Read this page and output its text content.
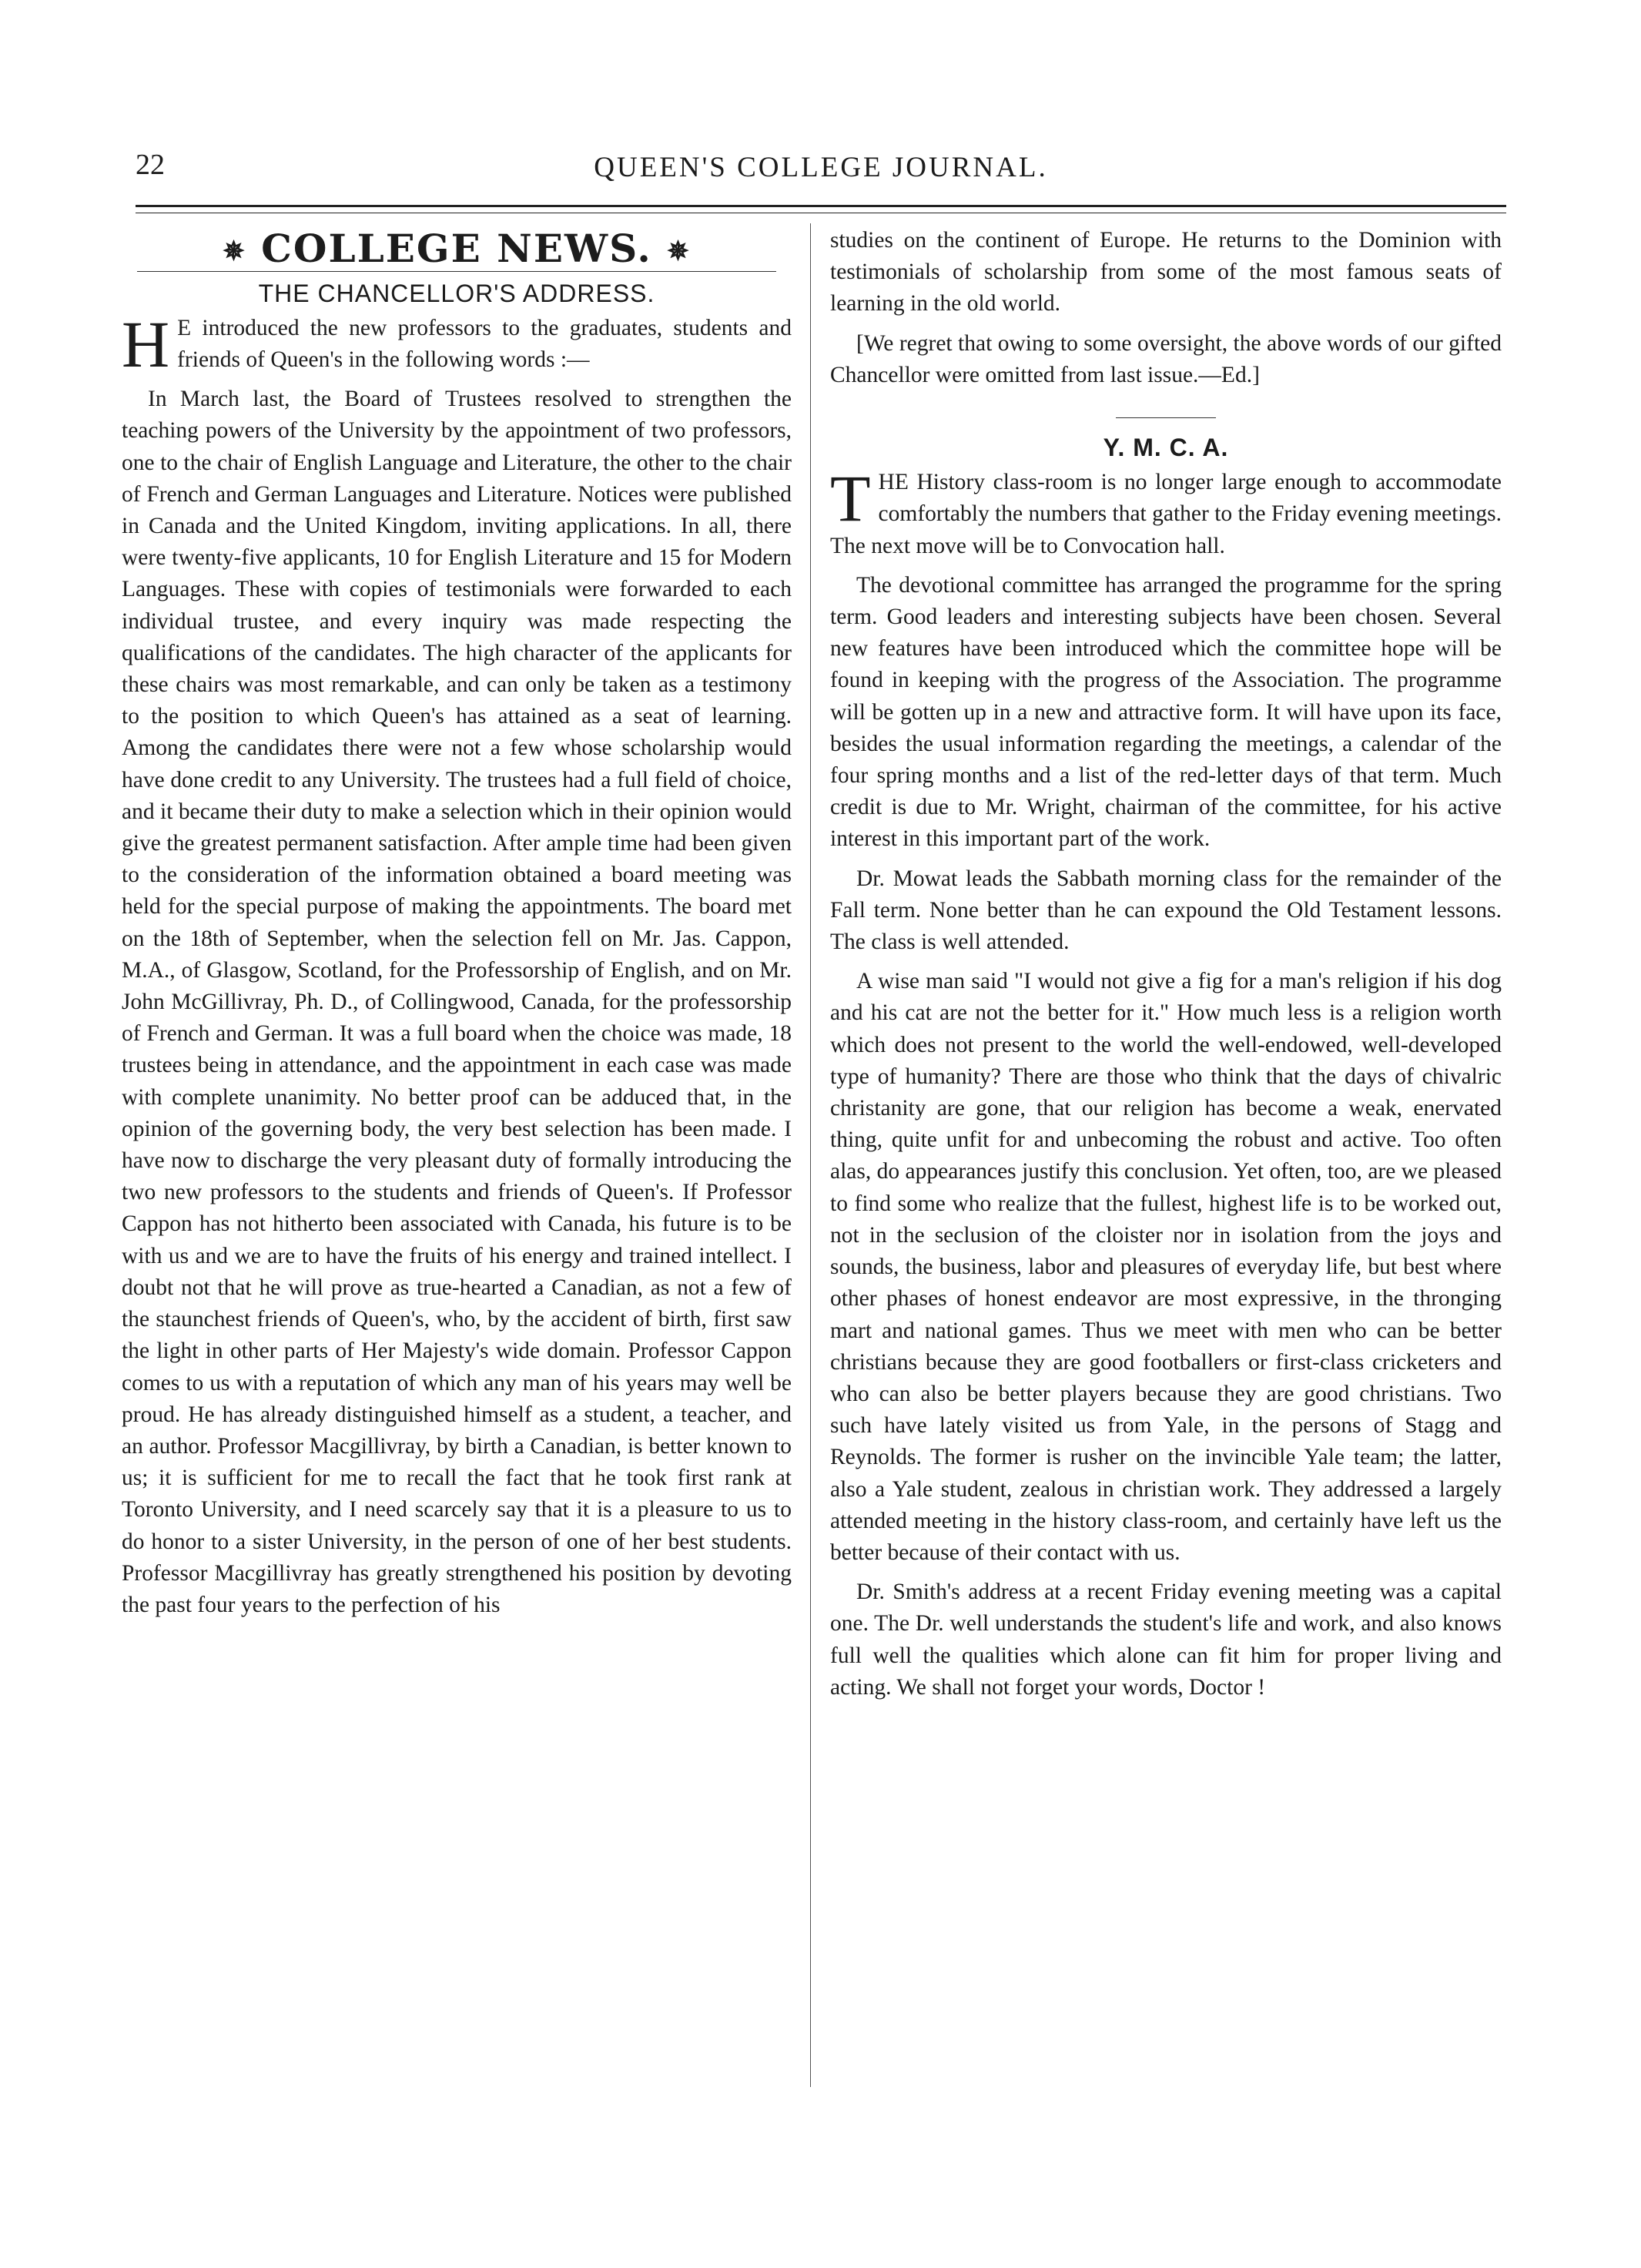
22	QUEEN'S COLLEGE JOURNAL.
✵ COLLEGE NEWS. ✵
THE CHANCELLOR'S ADDRESS.

H E introduced the new professors to the graduates, students and friends of Queen's in the following words :—

In March last, the Board of Trustees resolved to strengthen the teaching powers of the University by the appointment of two professors, one to the chair of English Language and Literature, the other to the chair of French and German Languages and Literature. Notices were published in Canada and the United Kingdom, inviting applications. In all, there were twenty-five applicants, 10 for English Literature and 15 for Modern Languages. These with copies of testimonials were forwarded to each individual trustee, and every inquiry was made respecting the qualifications of the candidates. The high character of the applicants for these chairs was most remarkable, and can only be taken as a testimony to the position to which Queen's has attained as a seat of learning. Among the candidates there were not a few whose scholarship would have done credit to any University. The trustees had a full field of choice, and it became their duty to make a selection which in their opinion would give the greatest permanent satisfaction. After ample time had been given to the consideration of the information obtained a board meeting was held for the special purpose of making the appointments. The board met on the 18th of September, when the selection fell on Mr. Jas. Cappon, M.A., of Glasgow, Scotland, for the Professorship of English, and on Mr. John McGillivray, Ph. D., of Collingwood, Canada, for the professorship of French and German. It was a full board when the choice was made, 18 trustees being in attendance, and the appointment in each case was made with complete unanimity. No better proof can be adduced that, in the opinion of the governing body, the very best selection has been made. I have now to discharge the very pleasant duty of formally introducing the two new professors to the students and friends of Queen's. If Professor Cappon has not hitherto been associated with Canada, his future is to be with us and we are to have the fruits of his energy and trained intellect. I doubt not that he will prove as true-hearted a Canadian, as not a few of the staunchest friends of Queen's, who, by the accident of birth, first saw the light in other parts of Her Majesty's wide domain. Professor Cappon comes to us with a reputation of which any man of his years may well be proud. He has already distinguished himself as a student, a teacher, and an author. Professor Macgillivray, by birth a Canadian, is better known to us; it is sufficient for me to recall the fact that he took first rank at Toronto University, and I need scarcely say that it is a pleasure to us to do honor to a sister University, in the person of one of her best students. Professor Macgillivray has greatly strengthened his position by devoting the past four years to the perfection of his

studies on the continent of Europe. He returns to the Dominion with testimonials of scholarship from some of the most famous seats of learning in the old world.

[We regret that owing to some oversight, the above words of our gifted Chancellor were omitted from last issue.—Ed.]

Y. M. C. A.

THE History class-room is no longer large enough to accommodate comfortably the numbers that gather to the Friday evening meetings. The next move will be to Convocation hall.

The devotional committee has arranged the programme for the spring term. Good leaders and interesting subjects have been chosen. Several new features have been introduced which the committee hope will be found in keeping with the progress of the Association. The programme will be gotten up in a new and attractive form. It will have upon its face, besides the usual information regarding the meetings, a calendar of the four spring months and a list of the red-letter days of that term. Much credit is due to Mr. Wright, chairman of the committee, for his active interest in this important part of the work.

Dr. Mowat leads the Sabbath morning class for the remainder of the Fall term. None better than he can expound the Old Testament lessons. The class is well attended.

A wise man said "I would not give a fig for a man's religion if his dog and his cat are not the better for it." How much less is a religion worth which does not present to the world the well-endowed, well-developed type of humanity? There are those who think that the days of chivalric christanity are gone, that our religion has become a weak, enervated thing, quite unfit for and unbecoming the robust and active. Too often alas, do appearances justify this conclusion. Yet often, too, are we pleased to find some who realize that the fullest, highest life is to be worked out, not in the seclusion of the cloister nor in isolation from the joys and sounds, the business, labor and pleasures of everyday life, but best where other phases of honest endeavor are most expressive, in the thronging mart and national games. Thus we meet with men who can be better christians because they are good footballers or first-class cricketers and who can also be better players because they are good christians. Two such have lately visited us from Yale, in the persons of Stagg and Reynolds. The former is rusher on the invincible Yale team; the latter, also a Yale student, zealous in christian work. They addressed a largely attended meeting in the history class-room, and certainly have left us the better because of their contact with us.

Dr. Smith's address at a recent Friday evening meeting was a capital one. The Dr. well understands the student's life and work, and also knows full well the qualities which alone can fit him for proper living and acting. We shall not forget your words, Doctor !
